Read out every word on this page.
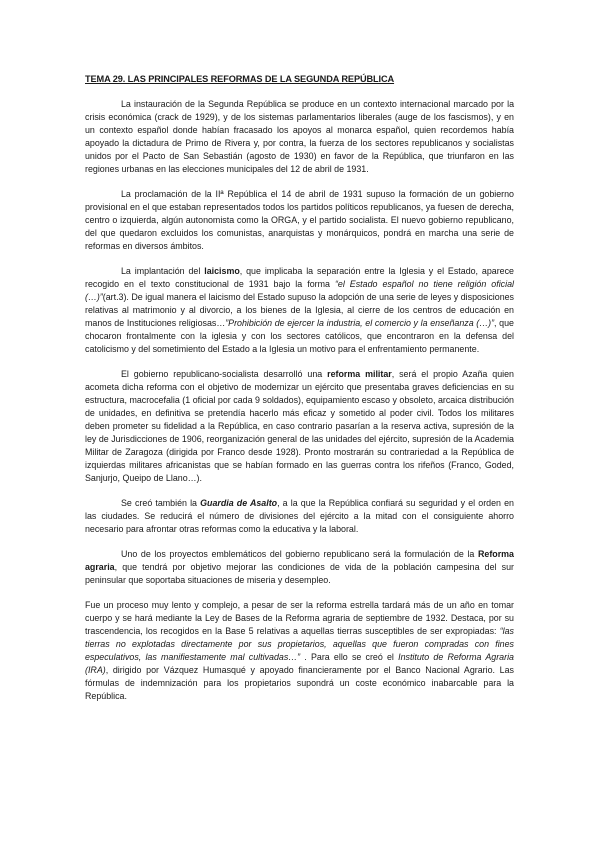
TEMA 29. LAS PRINCIPALES REFORMAS DE LA SEGUNDA REPÚBLICA

La instauración de la Segunda República se produce en un contexto internacional marcado por la crisis económica (crack de 1929), y de los sistemas parlamentarios liberales (auge de los fascismos), y en un contexto español donde habían fracasado los apoyos al monarca español, quien recordemos había apoyado la dictadura de Primo de Rivera y, por contra, la fuerza de los sectores republicanos y socialistas unidos por el Pacto de San Sebastián (agosto de 1930) en favor de la República, que triunfaron en las regiones urbanas en las elecciones municipales del 12 de abril de 1931.

La proclamación de la IIª República el 14 de abril de 1931 supuso la formación de un gobierno provisional en el que estaban representados todos los partidos políticos republicanos, ya fuesen de derecha, centro o izquierda, algún autonomista como la ORGA, y el partido socialista. El nuevo gobierno republicano, del que quedaron excluidos los comunistas, anarquistas y monárquicos, pondrá en marcha una serie de reformas en diversos ámbitos.

La implantación del laicismo, que implicaba la separación entre la Iglesia y el Estado, aparece recogido en el texto constitucional de 1931 bajo la forma “el Estado español no tiene religión oficial (…)”(art.3). De igual manera el laicismo del Estado supuso la adopción de una serie de leyes y disposiciones relativas al matrimonio y al divorcio, a los bienes de la Iglesia, al cierre de los centros de educación en manos de Instituciones religiosas…”Prohibición de ejercer la industria, el comercio y la enseñanza (…)”, que chocaron frontalmente con la iglesia y con los sectores católicos, que encontraron en la defensa del catolicismo y del sometimiento del Estado a la Iglesia un motivo para el enfrentamiento permanente.

El gobierno republicano-socialista desarrolló una reforma militar, será el propio Azaña quien acometa dicha reforma con el objetivo de modernizar un ejército que presentaba graves deficiencias en su estructura, macrocefalia (1 oficial por cada 9 soldados), equipamiento escaso y obsoleto, arcaica distribución de unidades, en definitiva se pretendía hacerlo más eficaz y sometido al poder civil. Todos los militares deben prometer su fidelidad a la República, en caso contrario pasarían a la reserva activa, supresión de la ley de Jurisdicciones de 1906, reorganización general de las unidades del ejército, supresión de la Academia Militar de Zaragoza (dirigida por Franco desde 1928). Pronto mostrarán su contrariedad a la República de izquierdas militares africanistas que se habían formado en las guerras contra los rifeños (Franco, Goded, Sanjurjo, Queipo de Llano…).

Se creó también la Guardia de Asalto, a la que la República confiará su seguridad y el orden en las ciudades. Se reducirá el número de divisiones del ejército a la mitad con el consiguiente ahorro necesario para afrontar otras reformas como la educativa y la laboral.

Uno de los proyectos emblemáticos del gobierno republicano será la formulación de la Reforma agraria, que tendrá por objetivo mejorar las condiciones de vida de la población campesina del sur peninsular que soportaba situaciones de miseria y desempleo.

Fue un proceso muy lento y complejo, a pesar de ser la reforma estrella tardará más de un año en tomar cuerpo y se hará mediante la Ley de Bases de la Reforma agraria de septiembre de 1932. Destaca, por su trascendencia, los recogidos en la Base 5 relativas a aquellas tierras susceptibles de ser expropiadas: “las tierras no explotadas directamente por sus propietarios, aquellas que fueron compradas con fines especulativos, las manifiestamente mal cultivadas…” . Para ello se creó el Instituto de Reforma Agraria (IRA), dirigido por Vázquez Humasqué y apoyado financieramente por el Banco Nacional Agrario. Las fórmulas de indemnización para los propietarios supondrá un coste económico inabarcable para la República.
